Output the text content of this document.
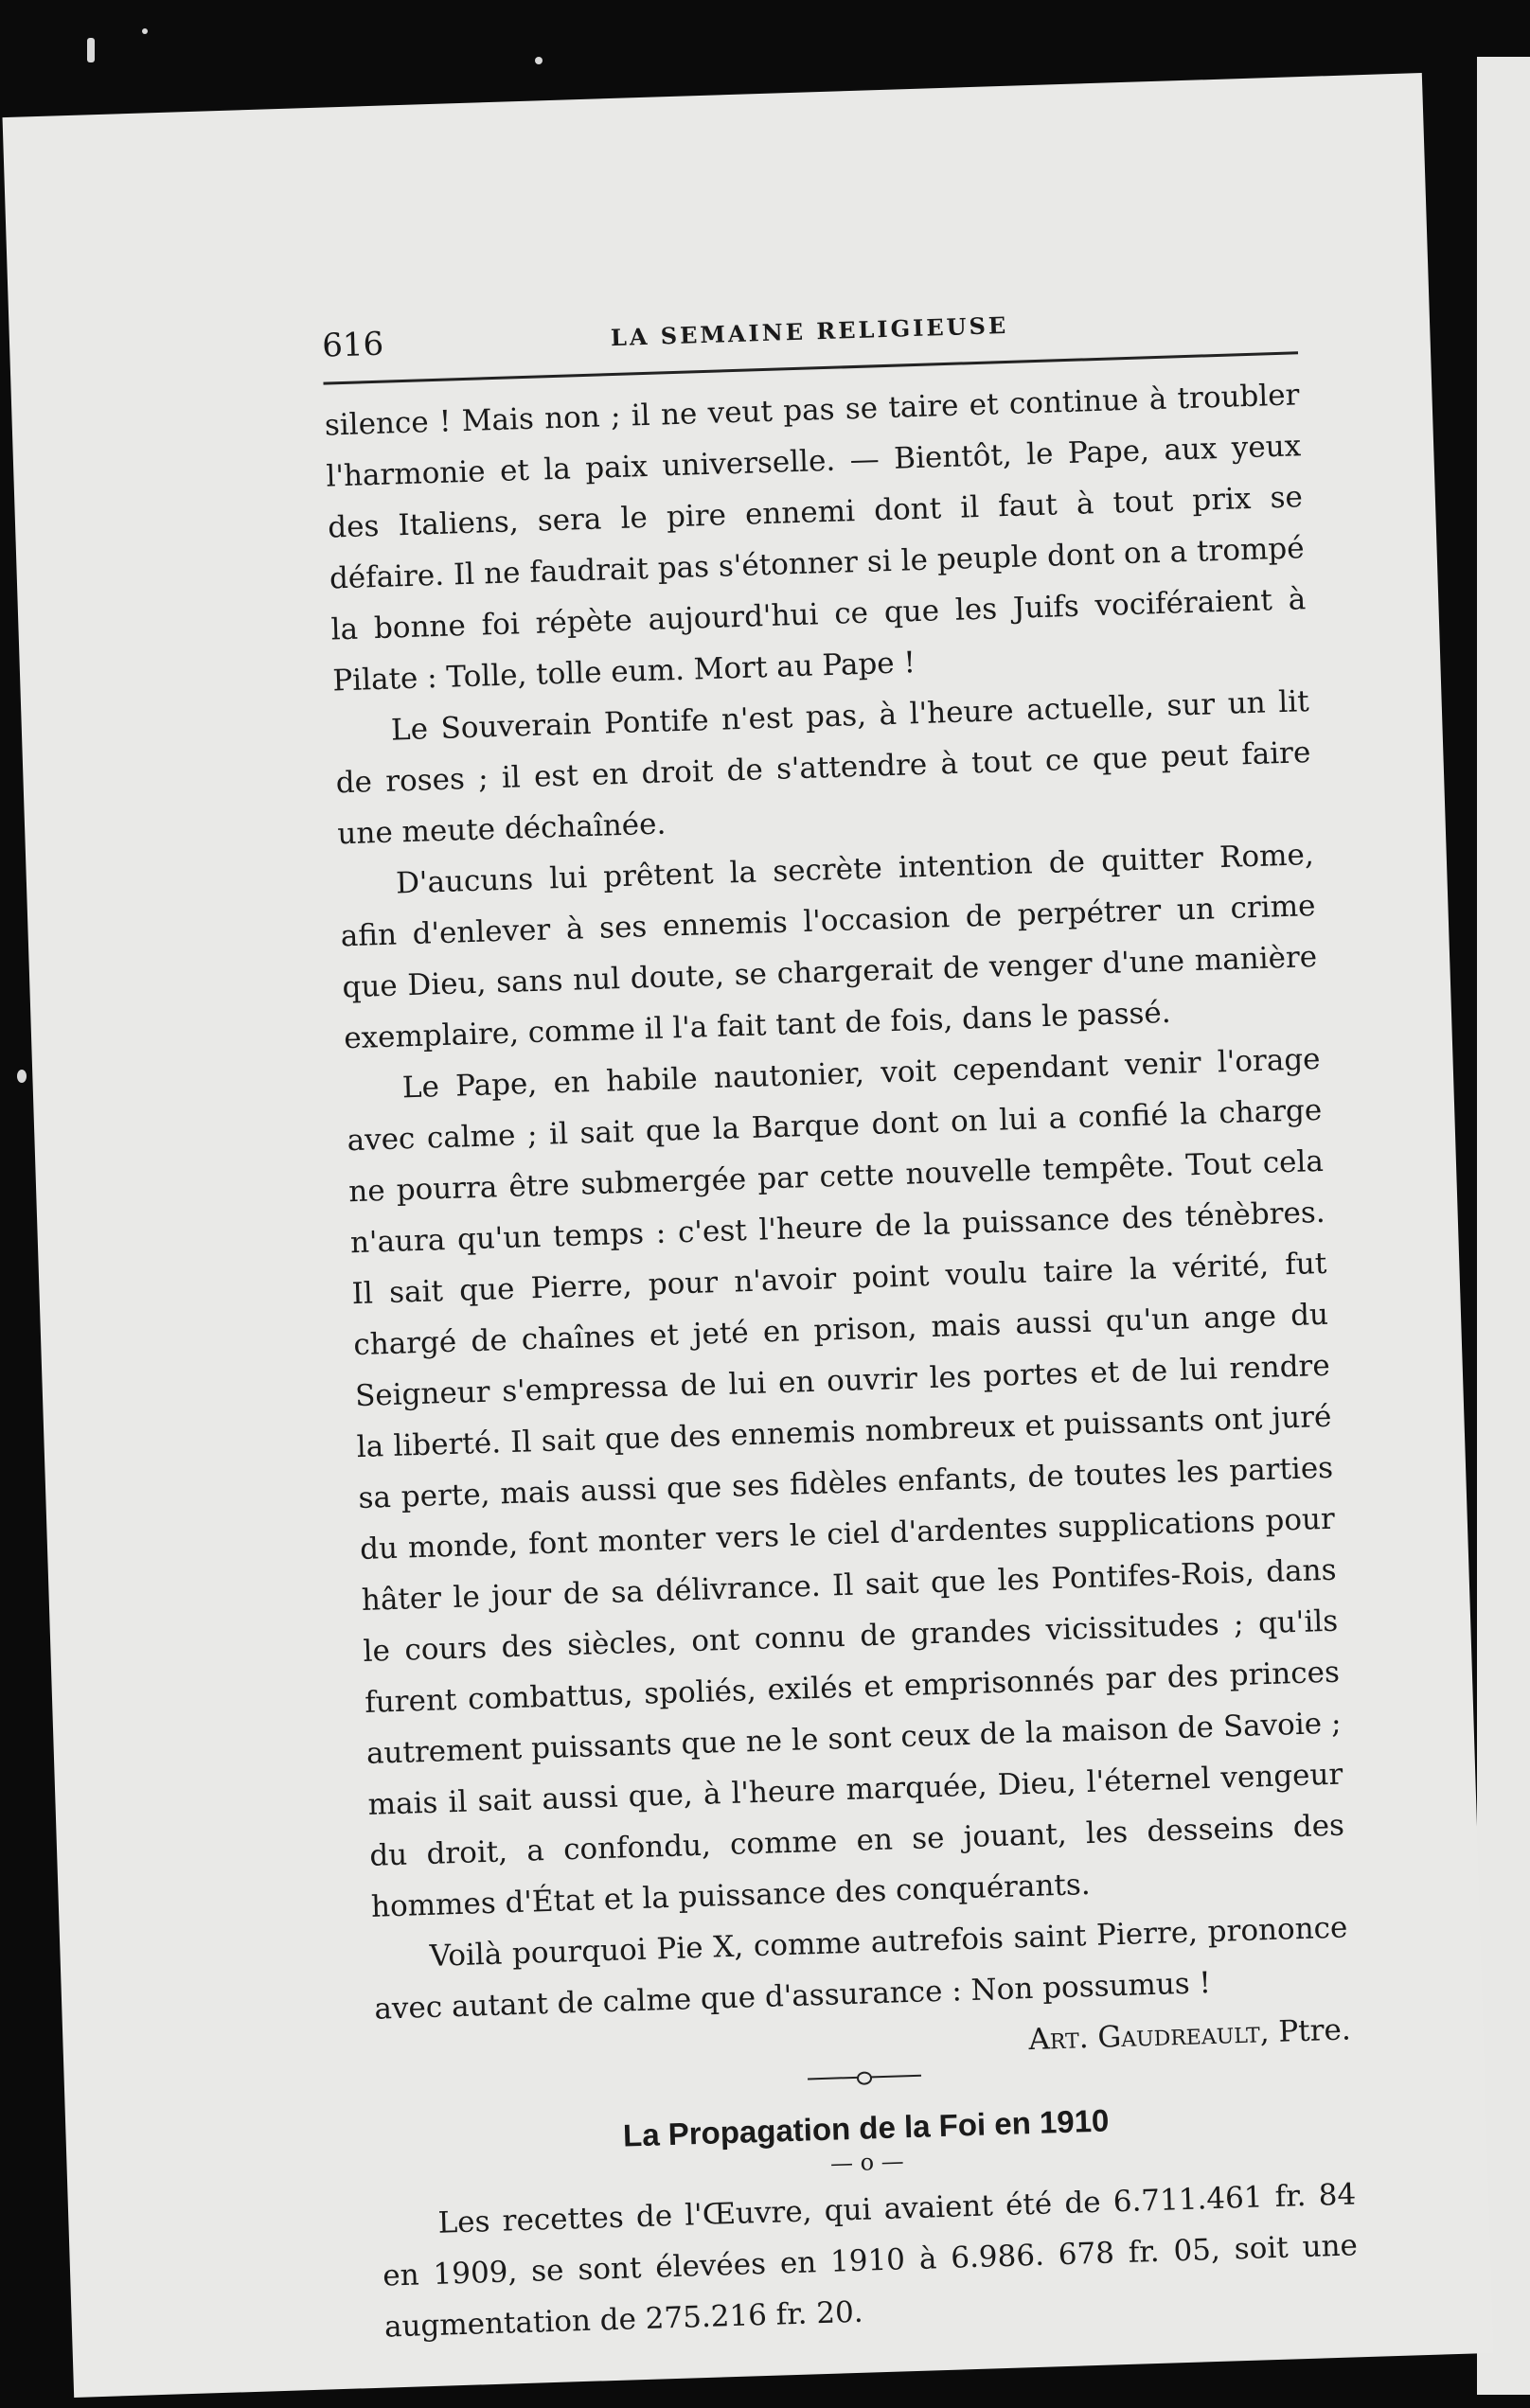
616	LA SEMAINE RELIGIEUSE

silence ! Mais non ; il ne veut pas se taire et continue à troubler l'harmonie et la paix universelle. — Bientôt, le Pape, aux yeux des Italiens, sera le pire ennemi dont il faut à tout prix se défaire. Il ne faudrait pas s'étonner si le peuple dont on a trompé la bonne foi répète aujourd'hui ce que les Juifs vociféraient à Pilate : Tolle, tolle eum. Mort au Pape !

Le Souverain Pontife n'est pas, à l'heure actuelle, sur un lit de roses ; il est en droit de s'attendre à tout ce que peut faire une meute déchaînée.

D'aucuns lui prêtent la secrète intention de quitter Rome, afin d'enlever à ses ennemis l'occasion de perpétrer un crime que Dieu, sans nul doute, se chargerait de venger d'une manière exemplaire, comme il l'a fait tant de fois, dans le passé.

Le Pape, en habile nautonier, voit cependant venir l'orage avec calme ; il sait que la Barque dont on lui a confié la charge ne pourra être submergée par cette nouvelle tempête. Tout cela n'aura qu'un temps : c'est l'heure de la puissance des ténèbres. Il sait que Pierre, pour n'avoir point voulu taire la vérité, fut chargé de chaînes et jeté en prison, mais aussi qu'un ange du Seigneur s'empressa de lui en ouvrir les portes et de lui rendre la liberté. Il sait que des ennemis nombreux et puissants ont juré sa perte, mais aussi que ses fidèles enfants, de toutes les parties du monde, font monter vers le ciel d'ardentes supplications pour hâter le jour de sa délivrance. Il sait que les Pontifes-Rois, dans le cours des siècles, ont connu de grandes vicissitudes ; qu'ils furent combattus, spoliés, exilés et emprisonnés par des princes autrement puissants que ne le sont ceux de la maison de Savoie ; mais il sait aussi que, à l'heure marquée, Dieu, l'éternel vengeur du droit, a confondu, comme en se jouant, les desseins des hommes d'État et la puissance des conquérants.

Voilà pourquoi Pie X, comme autrefois saint Pierre, prononce avec autant de calme que d'assurance : Non possumus !

Art. Gaudreault, Ptre.
La Propagation de la Foi en 1910
— o —

Les recettes de l'Œuvre, qui avaient été de 6.711.461 fr. 84 en 1909, se sont élevées en 1910 à 6.986. 678 fr. 05, soit une augmentation de 275.216 fr. 20.
